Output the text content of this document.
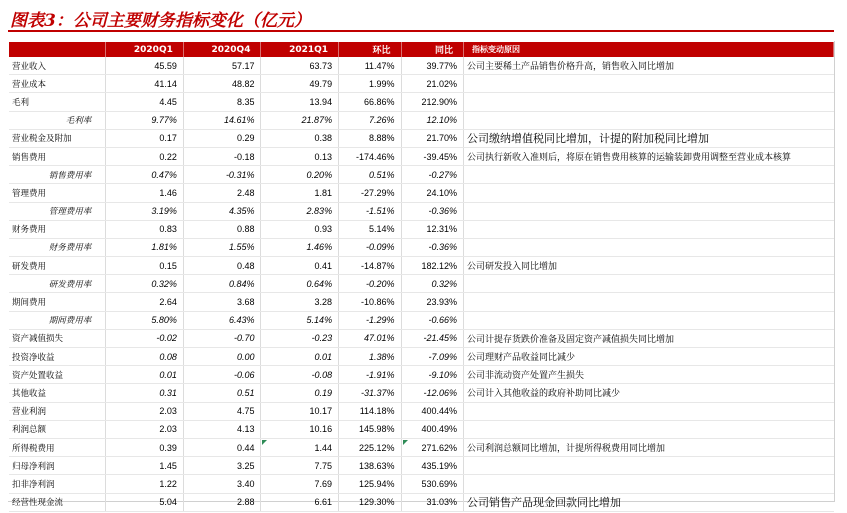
图表3：公司主要财务指标变化（亿元）
	2020Q1	2020Q4	2021Q1	环比	同比	指标变动原因
营业收入	45.59	57.17	63.73	11.47%	39.77%	公司主要稀土产品销售价格升高，销售收入同比增加
营业成本	41.14	48.82	49.79	1.99%	21.02%	
毛利	4.45	8.35	13.94	66.86%	212.90%	
毛利率	9.77%	14.61%	21.87%	7.26%	12.10%	
营业税金及附加	0.17	0.29	0.38	8.88%	21.70%	公司缴纳增值税同比增加，计提的附加税同比增加
销售费用	0.22	-0.18	0.13	-174.46%	-39.45%	公司执行新收入准则后，将原在销售费用核算的运输装卸费用调整至营业成本核算
销售费用率	0.47%	-0.31%	0.20%	0.51%	-0.27%	
管理费用	1.46	2.48	1.81	-27.29%	24.10%	
管理费用率	3.19%	4.35%	2.83%	-1.51%	-0.36%	
财务费用	0.83	0.88	0.93	5.14%	12.31%	
财务费用率	1.81%	1.55%	1.46%	-0.09%	-0.36%	
研发费用	0.15	0.48	0.41	-14.87%	182.12%	公司研发投入同比增加
研发费用率	0.32%	0.84%	0.64%	-0.20%	0.32%	
期间费用	2.64	3.68	3.28	-10.86%	23.93%	
期间费用率	5.80%	6.43%	5.14%	-1.29%	-0.66%	
资产减值损失	-0.02	-0.70	-0.23	47.01%	-21.45%	公司计提存货跌价准备及固定资产减值损失同比增加
投资净收益	0.08	0.00	0.01	1.38%	-7.09%	公司理财产品收益同比减少
资产处置收益	0.01	-0.06	-0.08	-1.91%	-9.10%	公司非流动资产处置产生损失
其他收益	0.31	0.51	0.19	-31.37%	-12.06%	公司计入其他收益的政府补助同比减少
营业利润	2.03	4.75	10.17	114.18%	400.44%	
利润总额	2.03	4.13	10.16	145.98%	400.49%	
所得税费用	0.39	0.44	1.44	225.12%	271.62%	公司利润总额同比增加，计提所得税费用同比增加
归母净利润	1.45	3.25	7.75	138.63%	435.19%	
扣非净利润	1.22	3.40	7.69	125.94%	530.69%	
经营性现金流	5.04	2.88	6.61	129.30%	31.03%	公司销售产品现金回款同比增加
